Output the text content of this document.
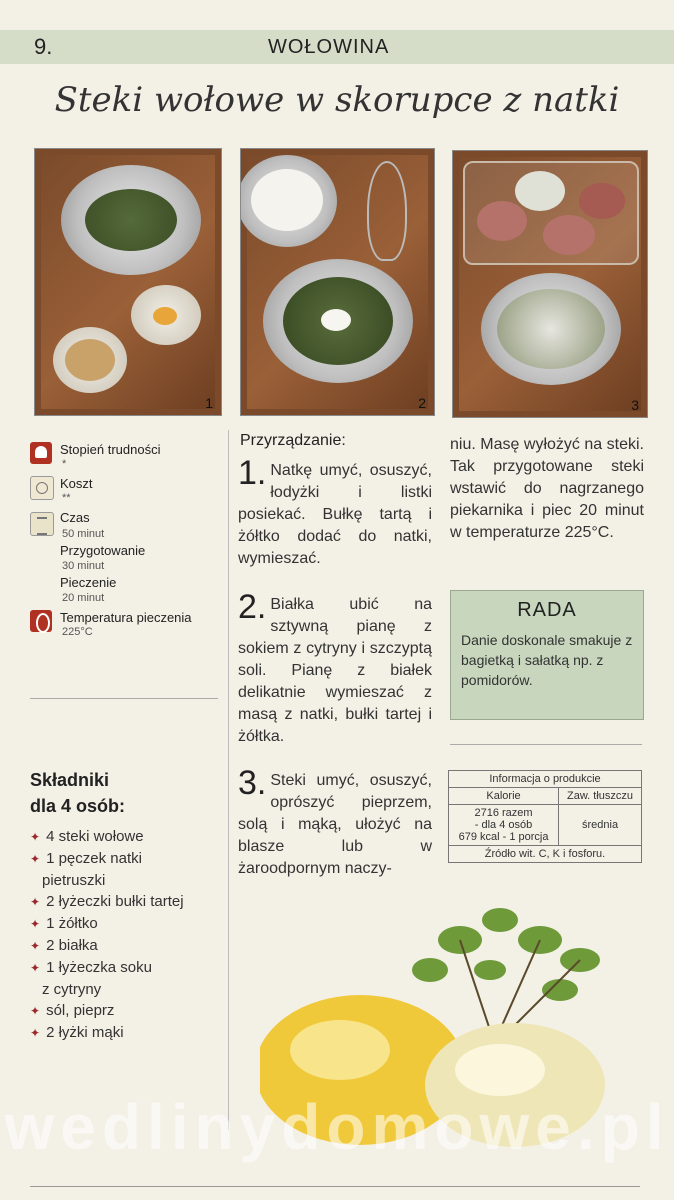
9.	WOŁOWINA
Steki wołowe w skorupce z natki
1	2	3
Stopień trudności
*
Koszt
**
Czas
50 minut
Przygotowanie
30 minut
Pieczenie
20 minut
Temperatura pieczenia
225°C
Składniki
dla 4 osób:
✦ 4 steki wołowe
✦ 1 pęczek natki
pietruszki
✦ 2 łyżeczki bułki tartej
✦ 1 żółtko
✦ 2 białka
✦ 1 łyżeczka soku
z cytryny
✦ sól, pieprz
✦ 2 łyżki mąki
Przyrządzanie:
1. Natkę umyć, osuszyć, łodyżki i listki posiekać. Bułkę tartą i żółtko dodać do natki, wymieszać.
2. Białka ubić na sztywną pianę z sokiem z cytryny i szczyptą soli. Pianę z białek delikatnie wymieszać z masą z natki, bułki tartej i żółtka.
3. Steki umyć, osuszyć, oprószyć pieprzem, solą i mąką, ułożyć na blasze lub w żaroodpornym naczy-
niu. Masę wyłożyć na steki. Tak przygotowane steki wstawić do nagrzanego piekarnika i piec 20 minut w temperaturze 225°C.
RADA
Danie doskonale smakuje z bagietką i sałatką np. z pomidorów.
Informacja o produkcie	
Kalorie	Zaw. tłuszczu

2716 razem
- dla 4 osób
679 kcal - 1 porcja	średnia
Źródło wit. C, K i fosforu.	
wedlinydomowe.pl
